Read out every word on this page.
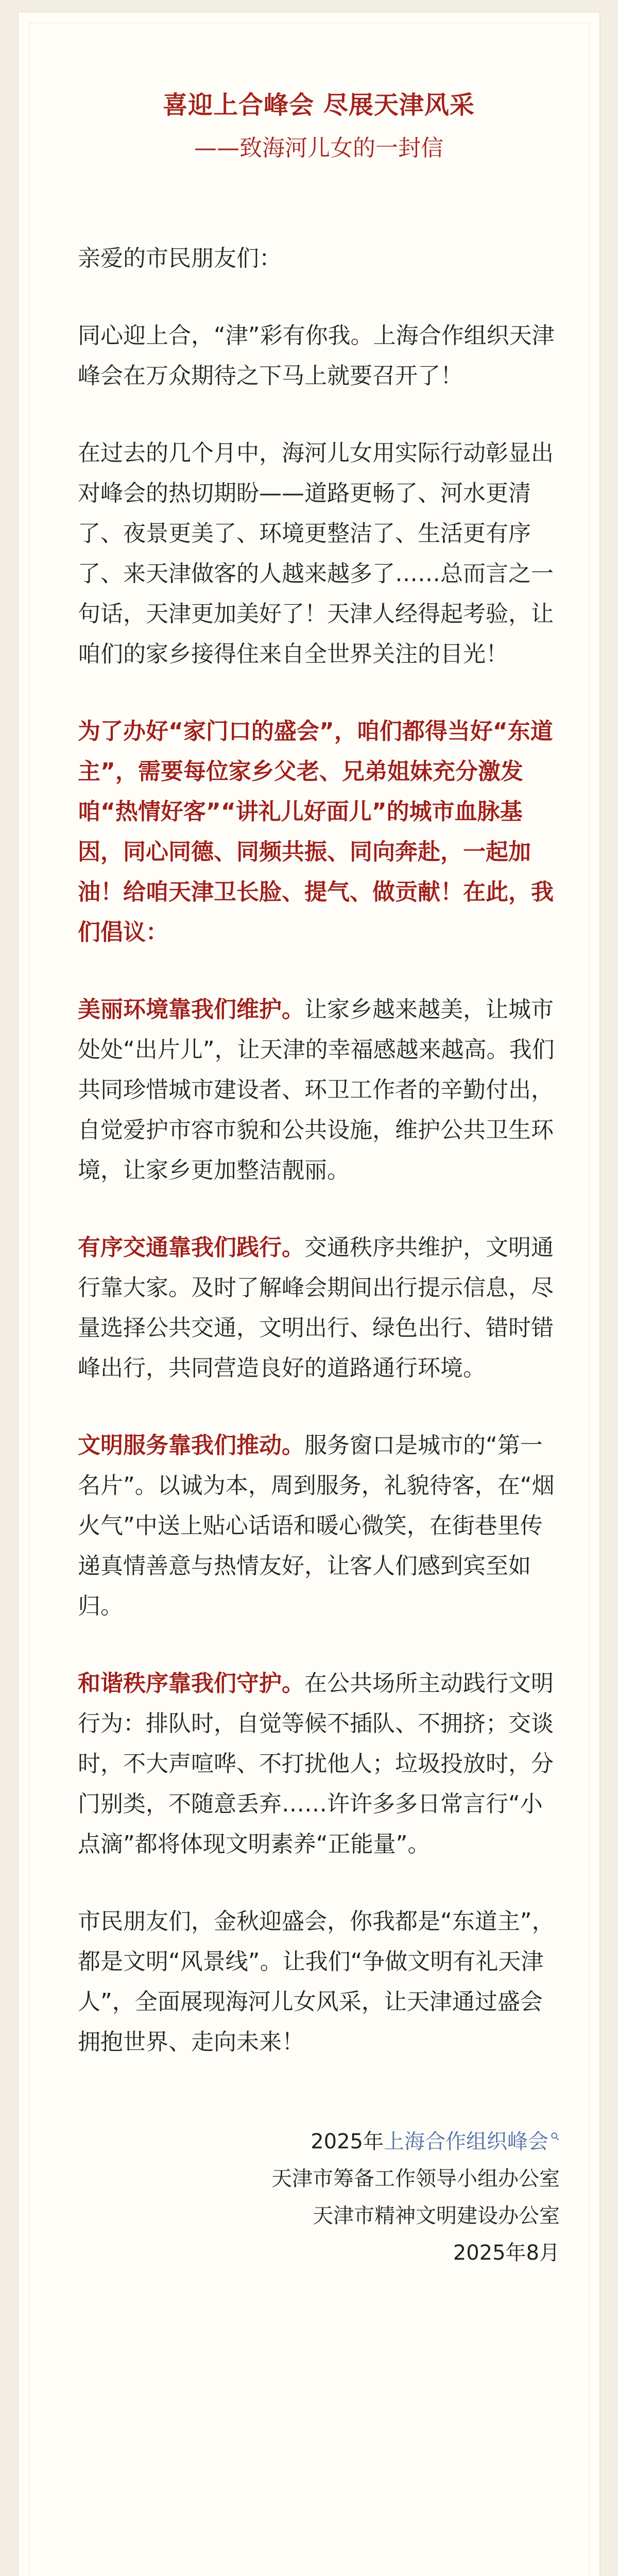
喜迎上合峰会 尽展天津风采
——致海河儿女的一封信
亲爱的市民朋友们：
同心迎上合，“津”彩有你我。上海合作组织天津峰会在万众期待之下马上就要召开了！
在过去的几个月中，海河儿女用实际行动彰显出对峰会的热切期盼——道路更畅了、河水更清了、夜景更美了、环境更整洁了、生活更有序了、来天津做客的人越来越多了……总而言之一句话，天津更加美好了！天津人经得起考验，让咱们的家乡接得住来自全世界关注的目光！
为了办好“家门口的盛会”，咱们都得当好“东道主”，需要每位家乡父老、兄弟姐妹充分激发咱“热情好客”“讲礼儿好面儿”的城市血脉基因，同心同德、同频共振、同向奔赴，一起加油！给咱天津卫长脸、提气、做贡献！在此，我们倡议：
美丽环境靠我们维护。让家乡越来越美，让城市处处“出片儿”，让天津的幸福感越来越高。我们共同珍惜城市建设者、环卫工作者的辛勤付出，自觉爱护市容市貌和公共设施，维护公共卫生环境，让家乡更加整洁靓丽。
有序交通靠我们践行。交通秩序共维护，文明通行靠大家。及时了解峰会期间出行提示信息，尽量选择公共交通，文明出行、绿色出行、错时错峰出行，共同营造良好的道路通行环境。
文明服务靠我们推动。服务窗口是城市的“第一名片”。以诚为本，周到服务，礼貌待客，在“烟火气”中送上贴心话语和暖心微笑，在街巷里传递真情善意与热情友好，让客人们感到宾至如归。
和谐秩序靠我们守护。在公共场所主动践行文明行为：排队时，自觉等候不插队、不拥挤；交谈时，不大声喧哗、不打扰他人；垃圾投放时，分门别类，不随意丢弃……许许多多日常言行“小点滴”都将体现文明素养“正能量”。
市民朋友们，金秋迎盛会，你我都是“东道主”，都是文明“风景线”。让我们“争做文明有礼天津人”，全面展现海河儿女风采，让天津通过盛会拥抱世界、走向未来！
2025年上海合作组织峰会
天津市筹备工作领导小组办公室
天津市精神文明建设办公室
2025年8月
